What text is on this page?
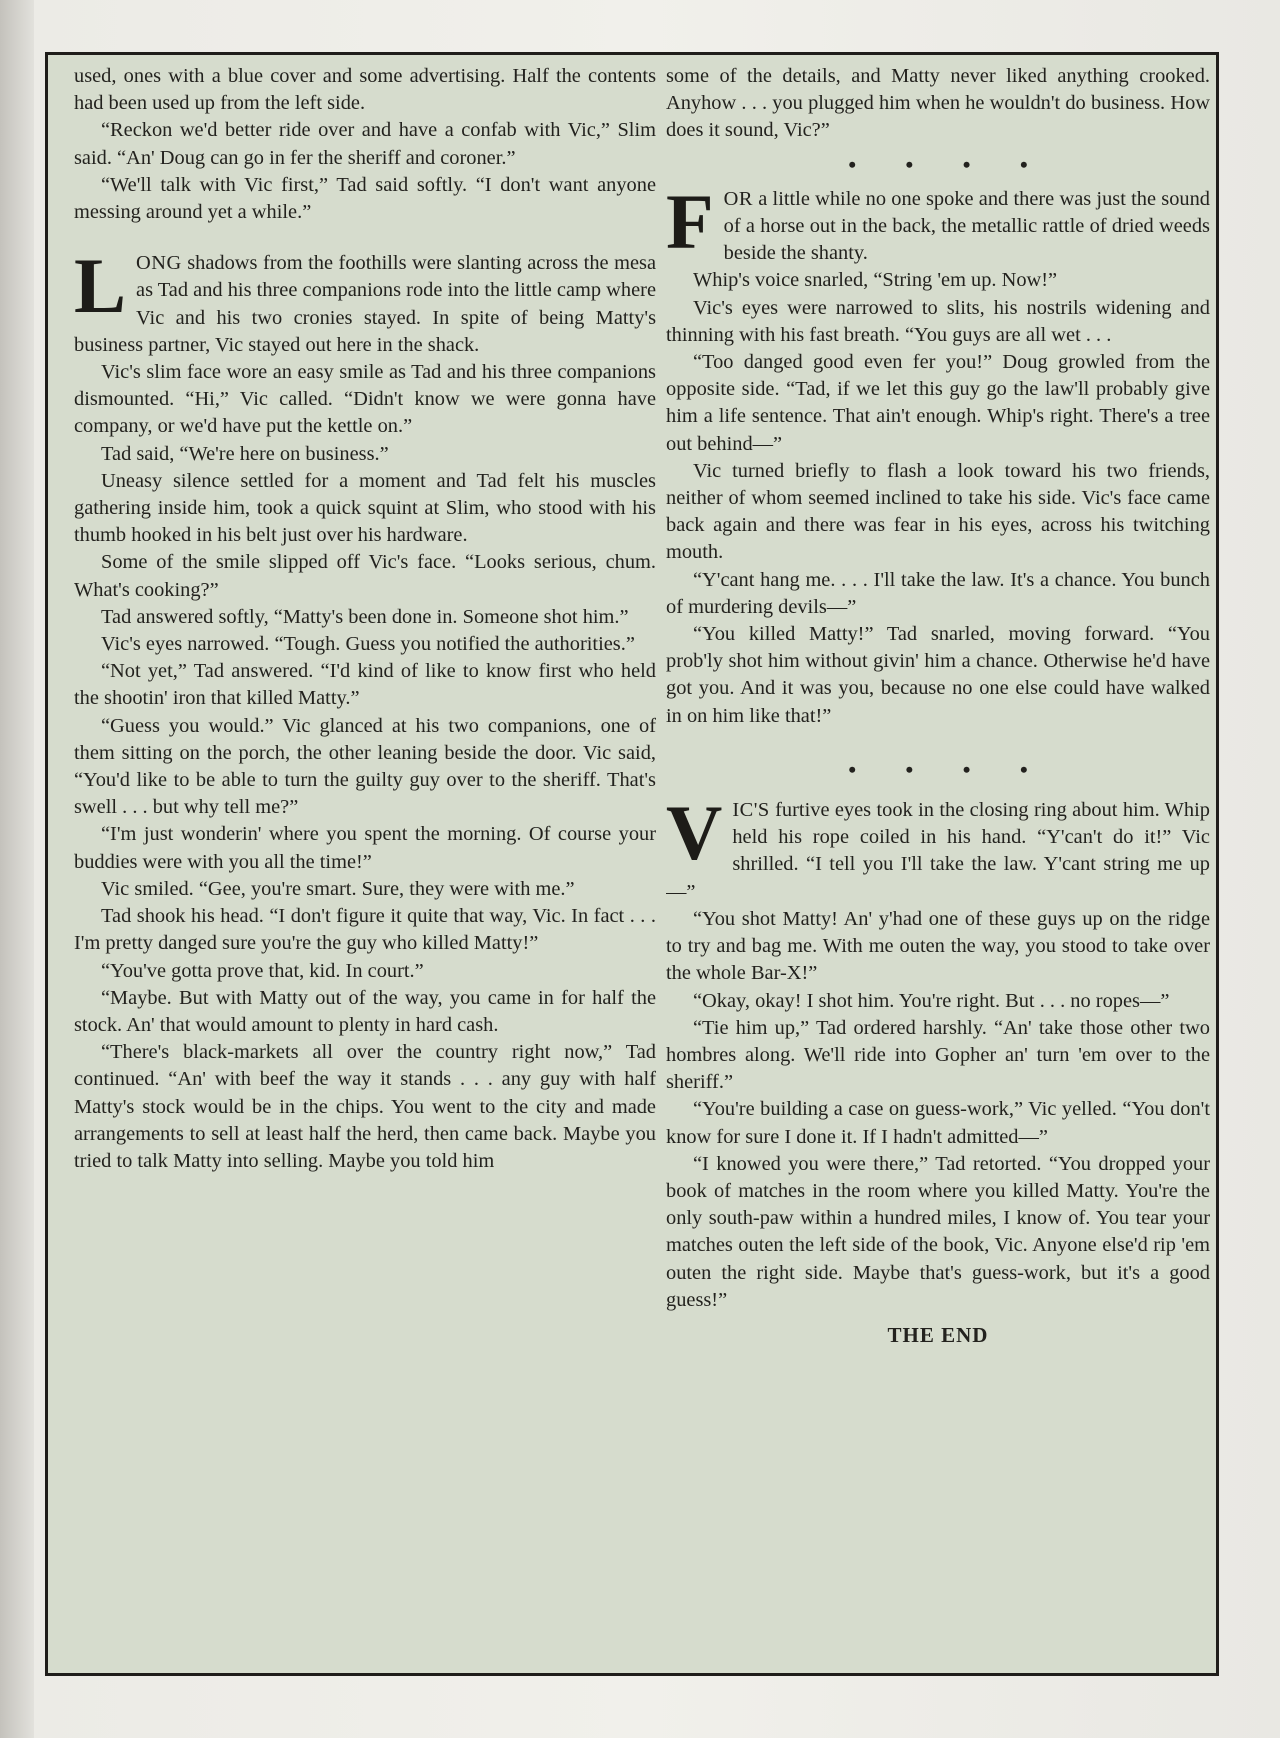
used, ones with a blue cover and some advertising. Half the contents had been used up from the left side.

“Reckon we'd better ride over and have a confab with Vic,” Slim said. “An' Doug can go in fer the sheriff and coroner.”

“We'll talk with Vic first,” Tad said softly. “I don't want anyone messing around yet a while.”

LONG shadows from the foothills were slanting across the mesa as Tad and his three companions rode into the little camp where Vic and his two cronies stayed. In spite of being Matty's business partner, Vic stayed out here in the shack.

Vic's slim face wore an easy smile as Tad and his three companions dismounted. “Hi,” Vic called. “Didn't know we were gonna have company, or we'd have put the kettle on.”

Tad said, “We're here on business.”

Uneasy silence settled for a moment and Tad felt his muscles gathering inside him, took a quick squint at Slim, who stood with his thumb hooked in his belt just over his hardware.

Some of the smile slipped off Vic's face. “Looks serious, chum. What's cooking?”

Tad answered softly, “Matty's been done in. Someone shot him.”

Vic's eyes narrowed. “Tough. Guess you notified the authorities.”

“Not yet,” Tad answered. “I'd kind of like to know first who held the shootin' iron that killed Matty.”

“Guess you would.” Vic glanced at his two companions, one of them sitting on the porch, the other leaning beside the door. Vic said, “You'd like to be able to turn the guilty guy over to the sheriff. That's swell . . . but why tell me?”

“I'm just wonderin' where you spent the morning. Of course your buddies were with you all the time!”

Vic smiled. “Gee, you're smart. Sure, they were with me.”

Tad shook his head. “I don't figure it quite that way, Vic. In fact . . . I'm pretty danged sure you're the guy who killed Matty!”

“You've gotta prove that, kid. In court.”

“Maybe. But with Matty out of the way, you came in for half the stock. An' that would amount to plenty in hard cash.

“There's black-markets all over the country right now,” Tad continued. “An' with beef the way it stands . . . any guy with half Matty's stock would be in the chips. You went to the city and made arrangements to sell at least half the herd, then came back. Maybe you tried to talk Matty into selling. Maybe you told him

some of the details, and Matty never liked anything crooked. Anyhow . . . you plugged him when he wouldn't do business. How does it sound, Vic?”

• • • •

FOR a little while no one spoke and there was just the sound of a horse out in the back, the metallic rattle of dried weeds beside the shanty.

Whip's voice snarled, “String 'em up. Now!”

Vic's eyes were narrowed to slits, his nostrils widening and thinning with his fast breath. “You guys are all wet . . .

“Too danged good even fer you!” Doug growled from the opposite side. “Tad, if we let this guy go the law'll probably give him a life sentence. That ain't enough. Whip's right. There's a tree out behind—”

Vic turned briefly to flash a look toward his two friends, neither of whom seemed inclined to take his side. Vic's face came back again and there was fear in his eyes, across his twitching mouth.

“Y'cant hang me. . . . I'll take the law. It's a chance. You bunch of murdering devils—”

“You killed Matty!” Tad snarled, moving forward. “You prob'ly shot him without givin' him a chance. Otherwise he'd have got you. And it was you, because no one else could have walked in on him like that!”

• • • •

VIC'S furtive eyes took in the closing ring about him. Whip held his rope coiled in his hand. “Y'can't do it!” Vic shrilled. “I tell you I'll take the law. Y'cant string me up—”

“You shot Matty! An' y'had one of these guys up on the ridge to try and bag me. With me outen the way, you stood to take over the whole Bar-X!”

“Okay, okay! I shot him. You're right. But . . . no ropes—”

“Tie him up,” Tad ordered harshly. “An' take those other two hombres along. We'll ride into Gopher an' turn 'em over to the sheriff.”

“You're building a case on guess-work,” Vic yelled. “You don't know for sure I done it. If I hadn't admitted—”

“I knowed you were there,” Tad retorted. “You dropped your book of matches in the room where you killed Matty. You're the only south-paw within a hundred miles, I know of. You tear your matches outen the left side of the book, Vic. Anyone else'd rip 'em outen the right side. Maybe that's guess-work, but it's a good guess!”

THE END
